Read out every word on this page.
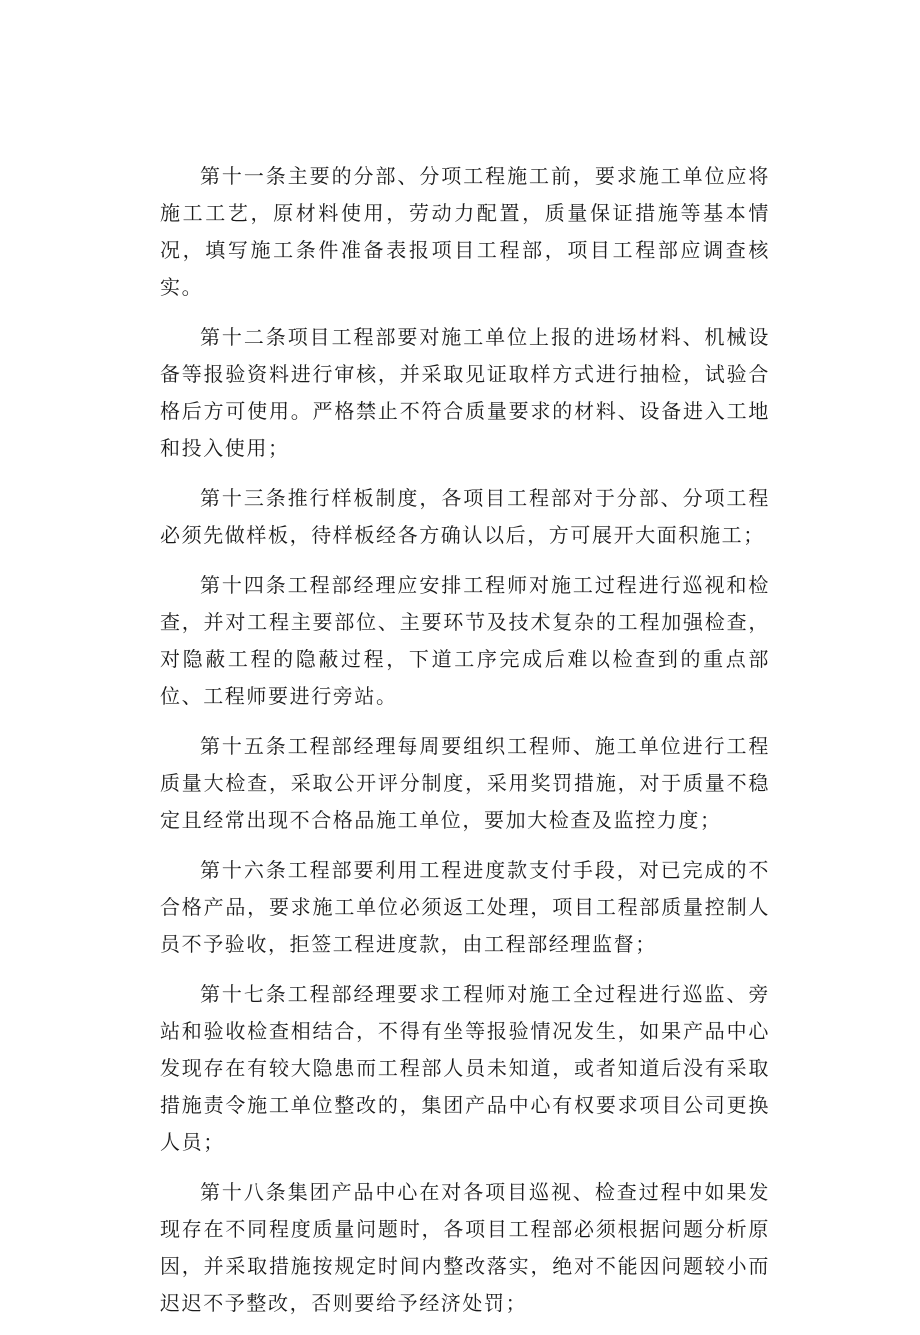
第十一条主要的分部、分项工程施工前，要求施工单位应将施工工艺，原材料使用，劳动力配置，质量保证措施等基本情况，填写施工条件准备表报项目工程部，项目工程部应调查核实。

第十二条项目工程部要对施工单位上报的进场材料、机械设备等报验资料进行审核，并采取见证取样方式进行抽检，试验合格后方可使用。严格禁止不符合质量要求的材料、设备进入工地和投入使用；

第十三条推行样板制度，各项目工程部对于分部、分项工程必须先做样板，待样板经各方确认以后，方可展开大面积施工；

第十四条工程部经理应安排工程师对施工过程进行巡视和检查，并对工程主要部位、主要环节及技术复杂的工程加强检查，对隐蔽工程的隐蔽过程，下道工序完成后难以检查到的重点部位、工程师要进行旁站。

第十五条工程部经理每周要组织工程师、施工单位进行工程质量大检查，采取公开评分制度，采用奖罚措施，对于质量不稳定且经常出现不合格品施工单位，要加大检查及监控力度；

第十六条工程部要利用工程进度款支付手段，对已完成的不合格产品，要求施工单位必须返工处理，项目工程部质量控制人员不予验收，拒签工程进度款，由工程部经理监督；

第十七条工程部经理要求工程师对施工全过程进行巡监、旁站和验收检查相结合，不得有坐等报验情况发生，如果产品中心发现存在有较大隐患而工程部人员未知道，或者知道后没有采取措施责令施工单位整改的，集团产品中心有权要求项目公司更换人员；

第十八条集团产品中心在对各项目巡视、检查过程中如果发现存在不同程度质量问题时，各项目工程部必须根据问题分析原因，并采取措施按规定时间内整改落实，绝对不能因问题较小而迟迟不予整改，否则要给予经济处罚；
